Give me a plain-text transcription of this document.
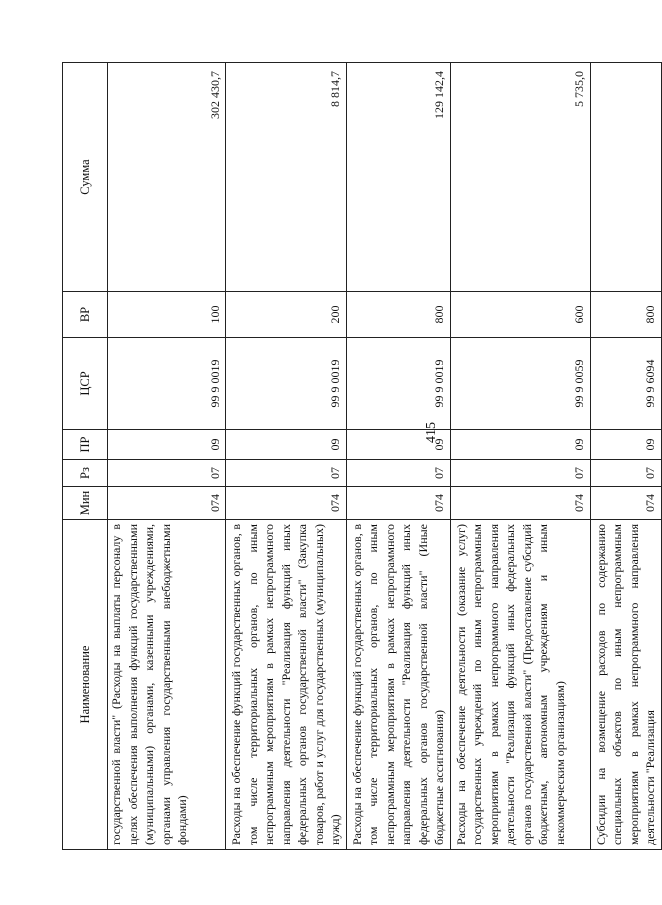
415
Наименование	Мин	Рз	ПР	ЦСР	ВР	Сумма
государственной власти" (Расходы на выплаты персоналу в целях обеспечения выполнения функций государственными (муниципальными) органами, казенными учреждениями, органами управления государственными внебюджетными фондами)	074	07	09	99 9 0019	100	302 430,7
Расходы на обеспечение функций государственных органов, в том числе территориальных органов, по иным непрограммным мероприятиям в рамках непрограммного направления деятельности "Реализация функций иных федеральных органов государственной власти" (Закупка товаров, работ и услуг для государственных (муниципальных) нужд)	074	07	09	99 9 0019	200	8 814,7
Расходы на обеспечение функций государственных органов, в том числе территориальных органов, по иным непрограммным мероприятиям в рамках непрограммного направления деятельности "Реализация функций иных федеральных органов государственной власти" (Иные бюджетные ассигнования)	074	07	09	99 9 0019	800	129 142,4
Расходы на обеспечение деятельности (оказание услуг) государственных учреждений по иным непрограммным мероприятиям в рамках непрограммного направления деятельности "Реализация функций иных федеральных органов государственной власти" (Предоставление субсидий бюджетным, автономным учреждениям и иным некоммерческим организациям)	074	07	09	99 9 0059	600	5 735,0
Субсидии на возмещение расходов по содержанию специальных объектов по иным непрограммным мероприятиям в рамках непрограммного направления деятельности "Реализация	074	07	09	99 9 6094	800	
